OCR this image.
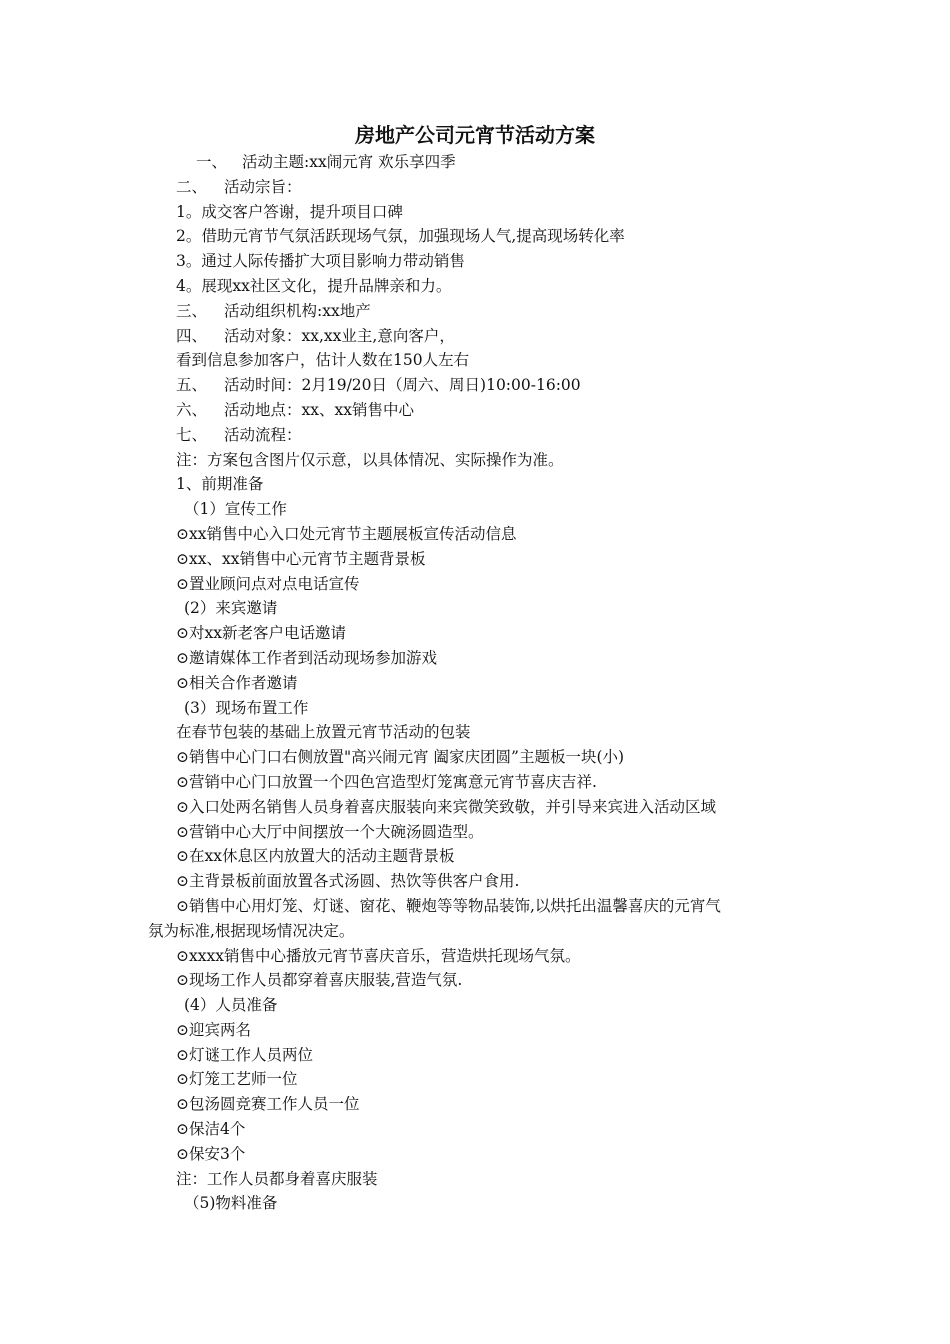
房地产公司元宵节活动方案
一、 活动主题:xx闹元宵 欢乐享四季
二、 活动宗旨：
1。成交客户答谢，提升项目口碑
2。借助元宵节气氛活跃现场气氛，加强现场人气,提高现场转化率
3。通过人际传播扩大项目影响力带动销售
4。展现xx社区文化，提升品牌亲和力。
三、 活动组织机构:xx地产
四、 活动对象：xx,xx业主,意向客户，
看到信息参加客户，估计人数在150人左右
五、 活动时间：2月19/20日（周六、周日)10:00-16:00
六、 活动地点：xx、xx销售中心
七、 活动流程：
注：方案包含图片仅示意，以具体情况、实际操作为准。
1、前期准备
（1）宣传工作
⊙xx销售中心入口处元宵节主题展板宣传活动信息
⊙xx、xx销售中心元宵节主题背景板
⊙置业顾问点对点电话宣传
(2）来宾邀请
⊙对xx新老客户电话邀请
⊙邀请媒体工作者到活动现场参加游戏
⊙相关合作者邀请
(3）现场布置工作
在春节包装的基础上放置元宵节活动的包装
⊙销售中心门口右侧放置"高兴闹元宵 阖家庆团圆”主题板一块(小)
⊙营销中心门口放置一个四色宫造型灯笼寓意元宵节喜庆吉祥.
⊙入口处两名销售人员身着喜庆服装向来宾微笑致敬，并引导来宾进入活动区域
⊙营销中心大厅中间摆放一个大碗汤圆造型。
⊙在xx休息区内放置大的活动主题背景板
⊙主背景板前面放置各式汤圆、热饮等供客户食用.
⊙销售中心用灯笼、灯谜、窗花、鞭炮等等物品装饰,以烘托出温馨喜庆的元宵气
氛为标准,根据现场情况决定。
⊙xxxx销售中心播放元宵节喜庆音乐，营造烘托现场气氛。
⊙现场工作人员都穿着喜庆服装,营造气氛.
(4）人员准备
⊙迎宾两名
⊙灯谜工作人员两位
⊙灯笼工艺师一位
⊙包汤圆竞赛工作人员一位
⊙保洁4个
⊙保安3个
注：工作人员都身着喜庆服装
（5)物料准备
